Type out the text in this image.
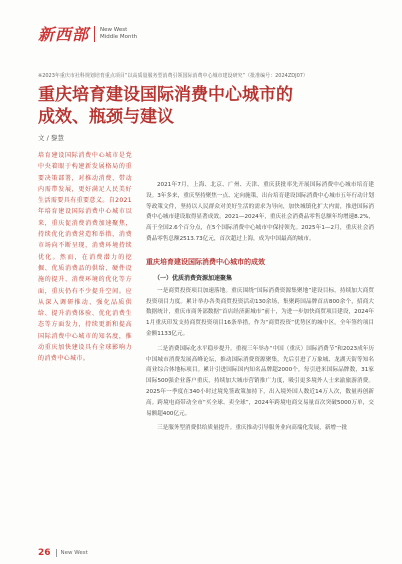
新西部 New West
Middle Month
※2023年重庆市社科规划培育重点项目“以高质量服务型消费引领国际消费中心城市建设研究”（批准编号：2024ZDJ07）
重庆培育建设国际消费中心城市的
成效、瓶颈与建议
文 / 黎慧
培育建设国际消费中心城市是党中央着眼于构建新发展格局的重要决策部署，对推动消费、带动内需带发展，更好满足人民美好生活需要具有重要意义。自2021年培育建设国际消费中心城市以来，重庆促消费消费加速聚焦，持续优化消费营造和举措，消费市场向不断呈现，消费环境持续优化。然而，在消费潜力的挖掘、优质消费品的供给、硬件设施的提升、消费环境的优化等方面，重庆仍有不少提升空间。应从深入调研推动、强化品质供给、提升消费体验、优化消费生态等方面发力，持续更新和提高国际消费中心城市的知名度，推动重庆加快建设具有全球影响力的消费中心城市。

2021年7月，上海、北京、广州、天津、重庆获批率先开展国际消费中心城市培育建设。3年多来，重庆坚持聚焦一点、定向施策，出台培育建设国际消费中心城市五年行动计划等政策文件，坚持以人民群众对美好生活的需求为导向，加快城镇化扩大内需，推进国际消费中心城市建设取得显著成效。2021—2024年，重庆社会消费品零售总额年均增速8.2%，高于全国2.6个百分点，在5个国际消费中心城市中保持领先。2025年1—2月，重庆社会消费品零售总额2513.73亿元，首次超过上海，成为中国最高的城市。

重庆培育建设国际消费中心城市的成效
（一）优质消费资源加速聚集

一是商贸投资项目加速落地。重庆围绕“国际消费资源集聚地”建设目标，持续加大商贸投资项目力度。累计举办各类商贸投资活动130余场，集聚跨国品牌首店800余个，招商大数据统计，重庆市商务部数据“首店经济新城市”前十，为进一步加快商贸项目建设，2024年1月重庆印发支持商贸投资项目16条举措，作为“商贸投资”优势区的城中区，全年签约项目金额1133亿元。

二是消费国际化水平稳步提升。重视三年举办“中国（重庆）国际消费节”和2023成年历中国城市消费发展高峰论坛，推动国际消费资源聚集，先后引进了万象城、龙湖天街等知名商业综合体地标项目。累计引进国际国内知名品牌超2000个，每引进米国际品牌数，31家国际500强企业落户重庆，持续加大城市营销推广力度，吸引更多境外人士来渝旅游消费。2025年一季度在340小时过境免签政策加持下，出入境外国人数近14万人次，数量再创新高。跨境电商带动全市“买全球、卖全球”，2024年跨境电商交易量首次突破5000万单，交易额超400亿元。

三是服务型消费供给质量提升。重庆推动引导服务业向高端化发展，新增一批

26 New West
